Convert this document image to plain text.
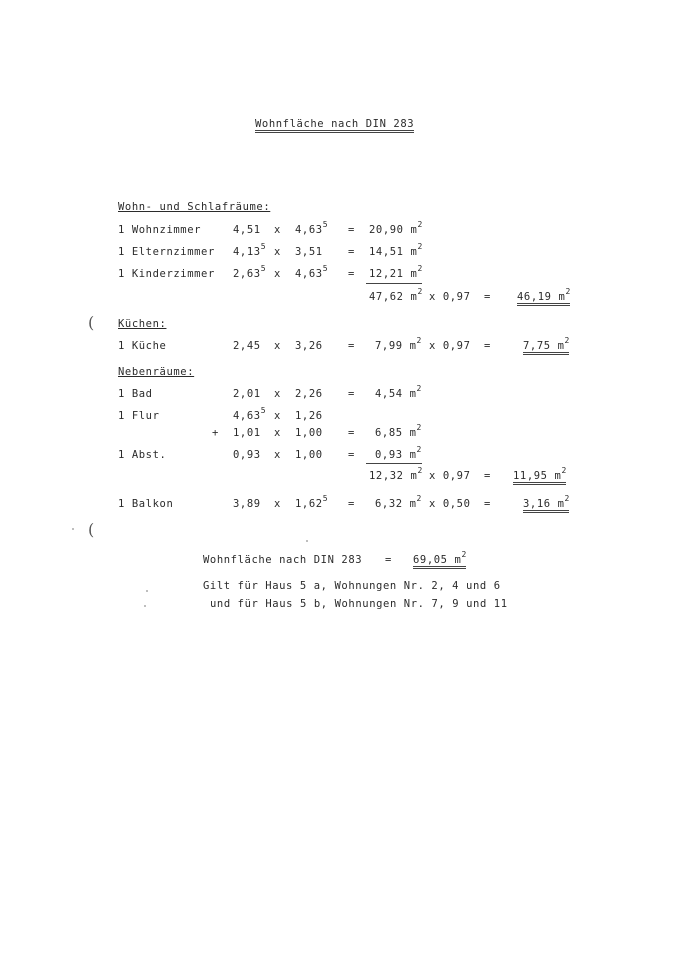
Wohnfläche nach DIN 283
Wohn- und Schlafräume:
1 Wohnzimmer	4,51 x $4,63^5 = 20,90$ $m^2$
1 Elternzimmer 4,13$^5$ x 3,51 = 14,51 $m^2$
1 Kinderzimmer 2,63$^5$ x $4,63^5 = 12,21$ $m^2$
47,62 $m^2$ x 0,97 = 46,19 $m^2$
( Küchen:
1 Küche	2,45 x 3,26 = 7,99 $m^2$ x 0,97 =	7,75 $m^2$
Nebenräume:
1 Bad	2,01 x 2,26 = 4,54 $m^2$
1 Flur	4,63$^5$ x 1,26
+ 1,01 x 1,00 = 6,85 $m^2$
1 Abst.	0,93 x 1,00 = 0,93 $m^2$
12,32 $m^2$ x 0,97 = 11,95 $m^2$
1 Balkon	3,89 x $1,62^5 = 6,32$ $m^2$ x 0,50 =	3,16 $m^2$
(
Wohnfläche nach DIN 283 = 69,05 $m^2$
Gilt für Haus 5 a, Wohnungen Nr. 2, 4 und 6
und für Haus 5 b, Wohnungen Nr. 7, 9 und 11
